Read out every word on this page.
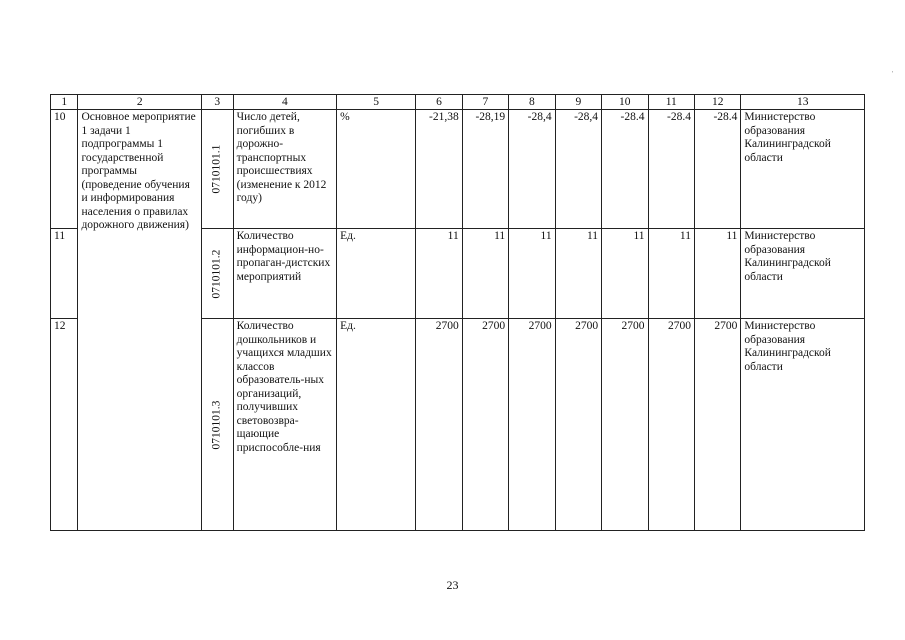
1	2	3	4	5	6	7	8	9	10	11	12	13
10	Основное мероприятие 1 задачи 1 подпрограммы 1 государственной программы (проведение обучения и информирования населения о правилах дорожного движения)	0710101.1	Число детей, погибших в дорожно-транспортных происшествиях (изменение к 2012 году)	%	-21,38	-28,19	-28,4	-28,4	-28.4	-28.4	-28.4	Министерство образования Калининградской области
11		0710101.2	Количество информацион-но-пропаган-дистских мероприятий	Ед.	11	11	11	11	11	11	11	Министерство образования Калининградской области
12		0710101.3	Количество дошкольников и учащихся младших классов образователь-ных организаций, получивших световозвра-щающие приспособле-ния	Ед.	2700	2700	2700	2700	2700	2700	2700	Министерство образования Калининградской области
23
'
